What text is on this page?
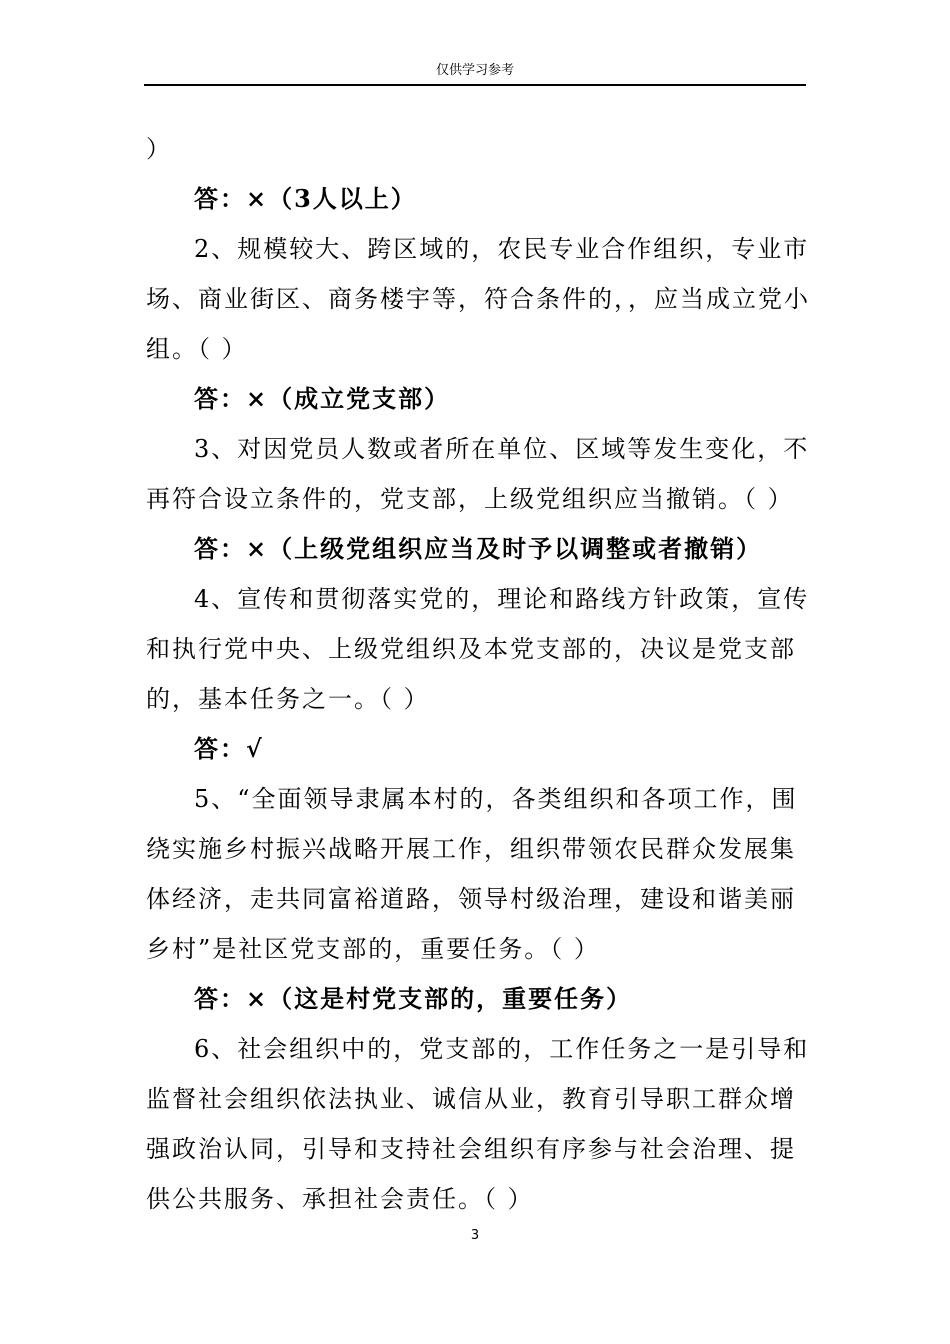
仅供学习参考

）

答：×（3人以上）

2、规模较大、跨区域的，农民专业合作组织，专业市场、商业街区、商务楼宇等，符合条件的，，应当成立党小组。（ ）

答：×（成立党支部）

3、对因党员人数或者所在单位、区域等发生变化，不再符合设立条件的，党支部，上级党组织应当撤销。（ ）

答：×（上级党组织应当及时予以调整或者撤销）

4、宣传和贯彻落实党的，理论和路线方针政策，宣传和执行党中央、上级党组织及本党支部的，决议是党支部的，基本任务之一。（ ）

答：√

5、“全面领导隶属本村的，各类组织和各项工作，围绕实施乡村振兴战略开展工作，组织带领农民群众发展集体经济，走共同富裕道路，领导村级治理，建设和谐美丽乡村”是社区党支部的，重要任务。（ ）

答：×（这是村党支部的，重要任务）

6、社会组织中的，党支部的，工作任务之一是引导和监督社会组织依法执业、诚信从业，教育引导职工群众增强政治认同，引导和支持社会组织有序参与社会治理、提供公共服务、承担社会责任。（ ）

3
